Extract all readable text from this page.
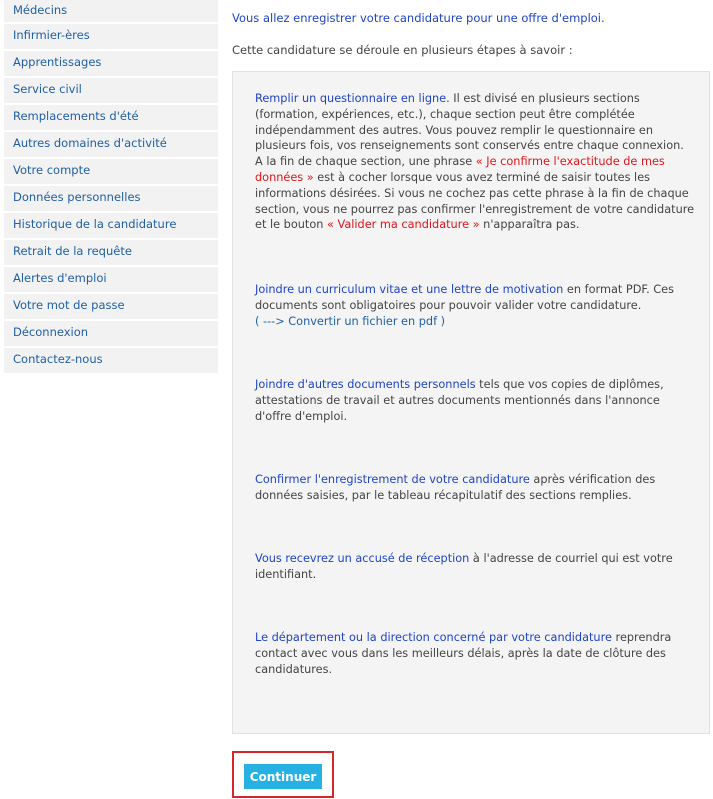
Médecins
Infirmier-ères
Apprentissages
Service civil
Remplacements d'été
Autres domaines d'activité
Votre compte
Données personnelles
Historique de la candidature
Retrait de la requête
Alertes d'emploi
Votre mot de passe
Déconnexion
Contactez-nous
Vous allez enregistrer votre candidature pour une offre d'emploi.
Cette candidature se déroule en plusieurs étapes à savoir :
Remplir un questionnaire en ligne. Il est divisé en plusieurs sections (formation, expériences, etc.), chaque section peut être complétée indépendamment des autres. Vous pouvez remplir le questionnaire en plusieurs fois, vos renseignements sont conservés entre chaque connexion. A la fin de chaque section, une phrase « Je confirme l'exactitude de mes données » est à cocher lorsque vous avez terminé de saisir toutes les informations désirées. Si vous ne cochez pas cette phrase à la fin de chaque section, vous ne pourrez pas confirmer l'enregistrement de votre candidature et le bouton « Valider ma candidature » n'apparaîtra pas.
Joindre un curriculum vitae et une lettre de motivation en format PDF. Ces documents sont obligatoires pour pouvoir valider votre candidature.
( ---> Convertir un fichier en pdf )
Joindre d'autres documents personnels tels que vos copies de diplômes, attestations de travail et autres documents mentionnés dans l'annonce d'offre d'emploi.
Confirmer l'enregistrement de votre candidature après vérification des données saisies, par le tableau récapitulatif des sections remplies.
Vous recevrez un accusé de réception à l'adresse de courriel qui est votre identifiant.
Le département ou la direction concerné par votre candidature reprendra contact avec vous dans les meilleurs délais, après la date de clôture des candidatures.
Continuer
